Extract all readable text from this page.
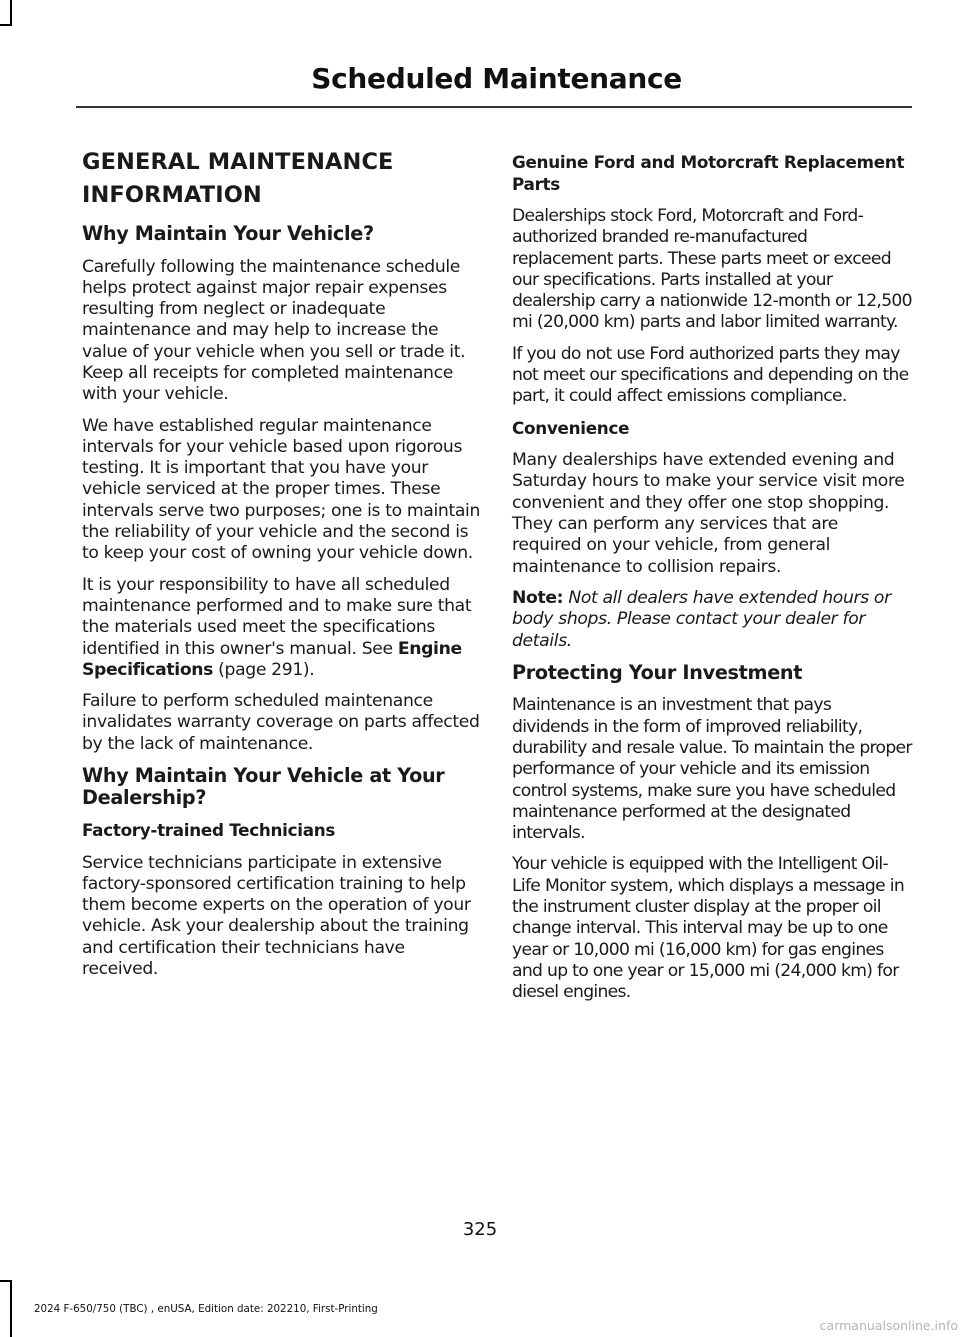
Scheduled Maintenance
GENERAL MAINTENANCE
INFORMATION
Why Maintain Your Vehicle?

Carefully following the maintenance schedule helps protect against major repair expenses resulting from neglect or inadequate maintenance and may help to increase the value of your vehicle when you sell or trade it. Keep all receipts for completed maintenance with your vehicle.

We have established regular maintenance intervals for your vehicle based upon rigorous testing. It is important that you have your vehicle serviced at the proper times. These intervals serve two purposes; one is to maintain the reliability of your vehicle and the second is to keep your cost of owning your vehicle down.

It is your responsibility to have all scheduled maintenance performed and to make sure that the materials used meet the specifications identified in this owner's manual. See Engine Specifications (page 291).

Failure to perform scheduled maintenance invalidates warranty coverage on parts affected by the lack of maintenance.

Why Maintain Your Vehicle at Your Dealership?
Factory-trained Technicians

Service technicians participate in extensive factory-sponsored certification training to help them become experts on the operation of your vehicle. Ask your dealership about the training and certification their technicians have received.

Genuine Ford and Motorcraft Replacement Parts

Dealerships stock Ford, Motorcraft and Ford-authorized branded re-manufactured replacement parts. These parts meet or exceed our specifications. Parts installed at your dealership carry a nationwide 12-month or 12,500 mi (20,000 km) parts and labor limited warranty.

If you do not use Ford authorized parts they may not meet our specifications and depending on the part, it could affect emissions compliance.

Convenience

Many dealerships have extended evening and Saturday hours to make your service visit more convenient and they offer one stop shopping. They can perform any services that are required on your vehicle, from general maintenance to collision repairs.

Note: Not all dealers have extended hours or body shops. Please contact your dealer for details.

Protecting Your Investment

Maintenance is an investment that pays dividends in the form of improved reliability, durability and resale value. To maintain the proper performance of your vehicle and its emission control systems, make sure you have scheduled maintenance performed at the designated intervals.

Your vehicle is equipped with the Intelligent Oil-Life Monitor system, which displays a message in the instrument cluster display at the proper oil change interval. This interval may be up to one year or 10,000 mi (16,000 km) for gas engines and up to one year or 15,000 mi (24,000 km) for diesel engines.

325
2024 F-650/750 (TBC) , enUSA, Edition date: 202210, First-Printing
carmanualsonline.info
